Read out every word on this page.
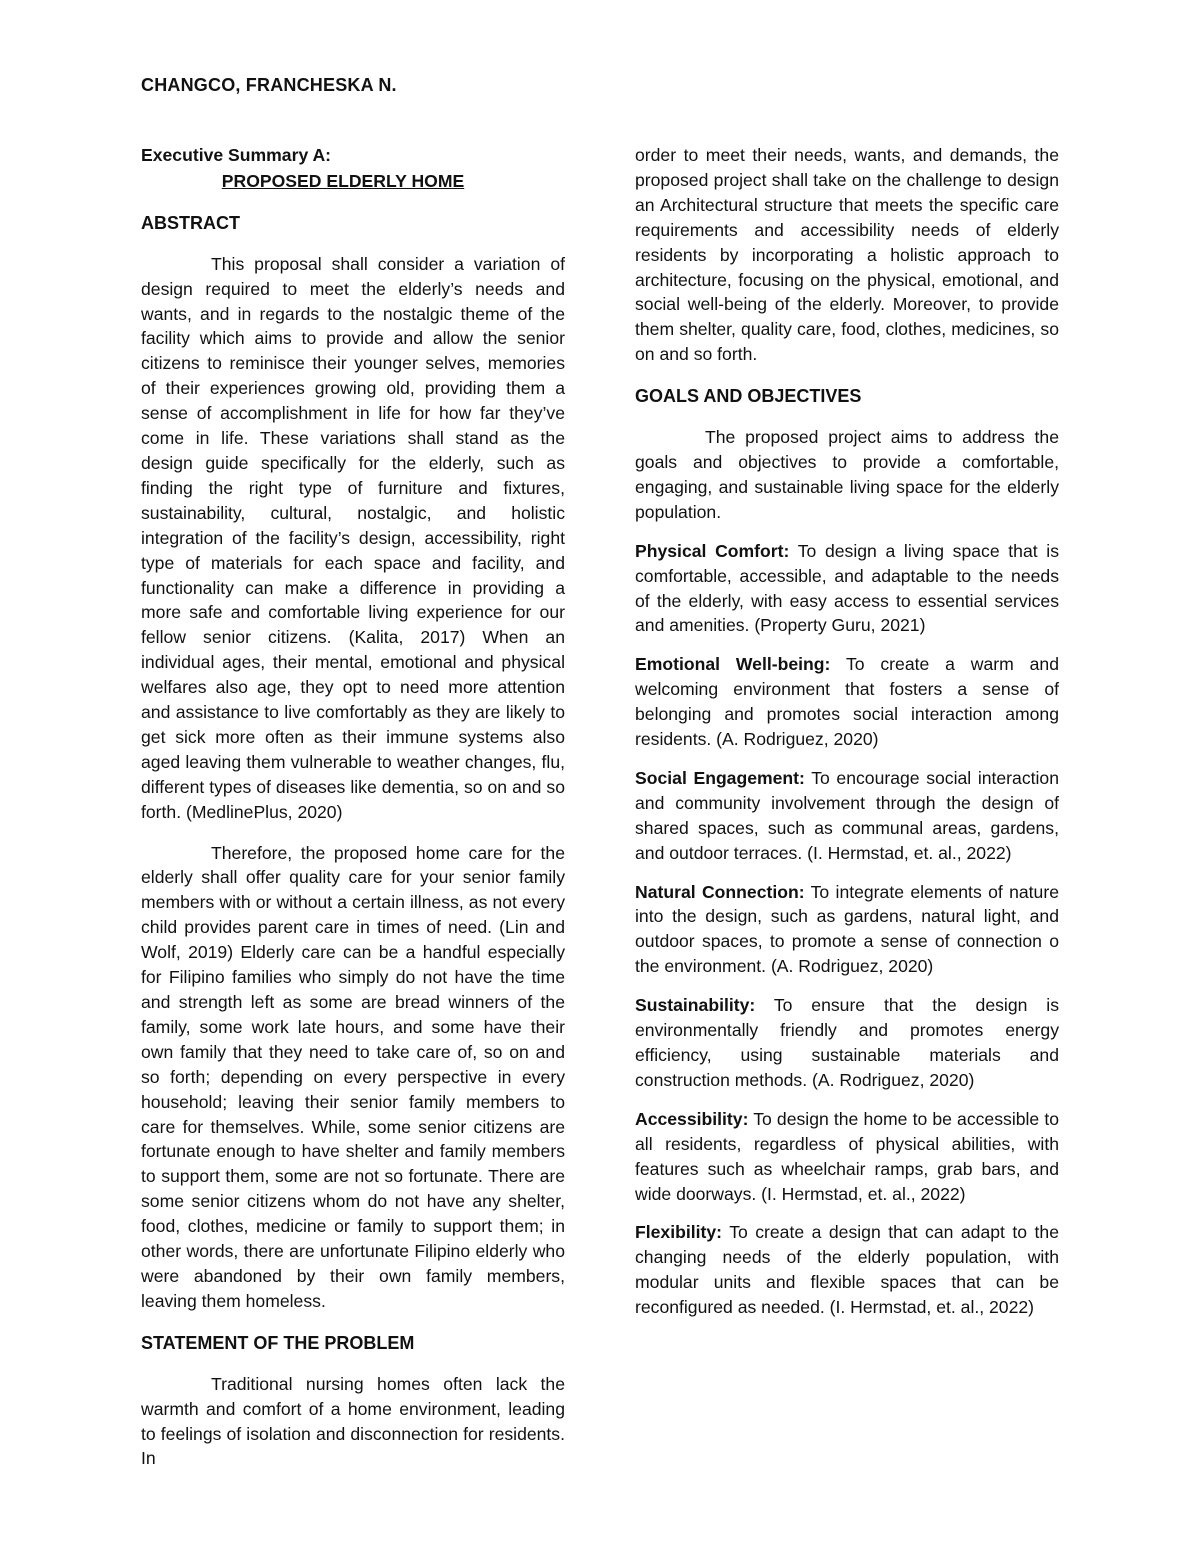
CHANGCO, FRANCHESKA N.
Executive Summary A:
PROPOSED ELDERLY HOME
ABSTRACT

This proposal shall consider a variation of design required to meet the elderly’s needs and wants, and in regards to the nostalgic theme of the facility which aims to provide and allow the senior citizens to reminisce their younger selves, memories of their experiences growing old, providing them a sense of accomplishment in life for how far they’ve come in life. These variations shall stand as the design guide specifically for the elderly, such as finding the right type of furniture and fixtures, sustainability, cultural, nostalgic, and holistic integration of the facility’s design, accessibility, right type of materials for each space and facility, and functionality can make a difference in providing a more safe and comfortable living experience for our fellow senior citizens. (Kalita, 2017) When an individual ages, their mental, emotional and physical welfares also age, they opt to need more attention and assistance to live comfortably as they are likely to get sick more often as their immune systems also aged leaving them vulnerable to weather changes, flu, different types of diseases like dementia, so on and so forth. (MedlinePlus, 2020)

Therefore, the proposed home care for the elderly shall offer quality care for your senior family members with or without a certain illness, as not every child provides parent care in times of need. (Lin and Wolf, 2019) Elderly care can be a handful especially for Filipino families who simply do not have the time and strength left as some are bread winners of the family, some work late hours, and some have their own family that they need to take care of, so on and so forth; depending on every perspective in every household; leaving their senior family members to care for themselves. While, some senior citizens are fortunate enough to have shelter and family members to support them, some are not so fortunate. There are some senior citizens whom do not have any shelter, food, clothes, medicine or family to support them; in other words, there are unfortunate Filipino elderly who were abandoned by their own family members, leaving them homeless.

STATEMENT OF THE PROBLEM

Traditional nursing homes often lack the warmth and comfort of a home environment, leading to feelings of isolation and disconnection for residents. In

order to meet their needs, wants, and demands, the proposed project shall take on the challenge to design an Architectural structure that meets the specific care requirements and accessibility needs of elderly residents by incorporating a holistic approach to architecture, focusing on the physical, emotional, and social well-being of the elderly. Moreover, to provide them shelter, quality care, food, clothes, medicines, so on and so forth.

GOALS AND OBJECTIVES

The proposed project aims to address the goals and objectives to provide a comfortable, engaging, and sustainable living space for the elderly population.

Physical Comfort: To design a living space that is comfortable, accessible, and adaptable to the needs of the elderly, with easy access to essential services and amenities. (Property Guru, 2021)

Emotional Well-being: To create a warm and welcoming environment that fosters a sense of belonging and promotes social interaction among residents. (A. Rodriguez, 2020)

Social Engagement: To encourage social interaction and community involvement through the design of shared spaces, such as communal areas, gardens, and outdoor terraces. (I. Hermstad, et. al., 2022)

Natural Connection: To integrate elements of nature into the design, such as gardens, natural light, and outdoor spaces, to promote a sense of connection o the environment. (A. Rodriguez, 2020)

Sustainability: To ensure that the design is environmentally friendly and promotes energy efficiency, using sustainable materials and construction methods. (A. Rodriguez, 2020)

Accessibility: To design the home to be accessible to all residents, regardless of physical abilities, with features such as wheelchair ramps, grab bars, and wide doorways. (I. Hermstad, et. al., 2022)

Flexibility: To create a design that can adapt to the changing needs of the elderly population, with modular units and flexible spaces that can be reconfigured as needed. (I. Hermstad, et. al., 2022)
